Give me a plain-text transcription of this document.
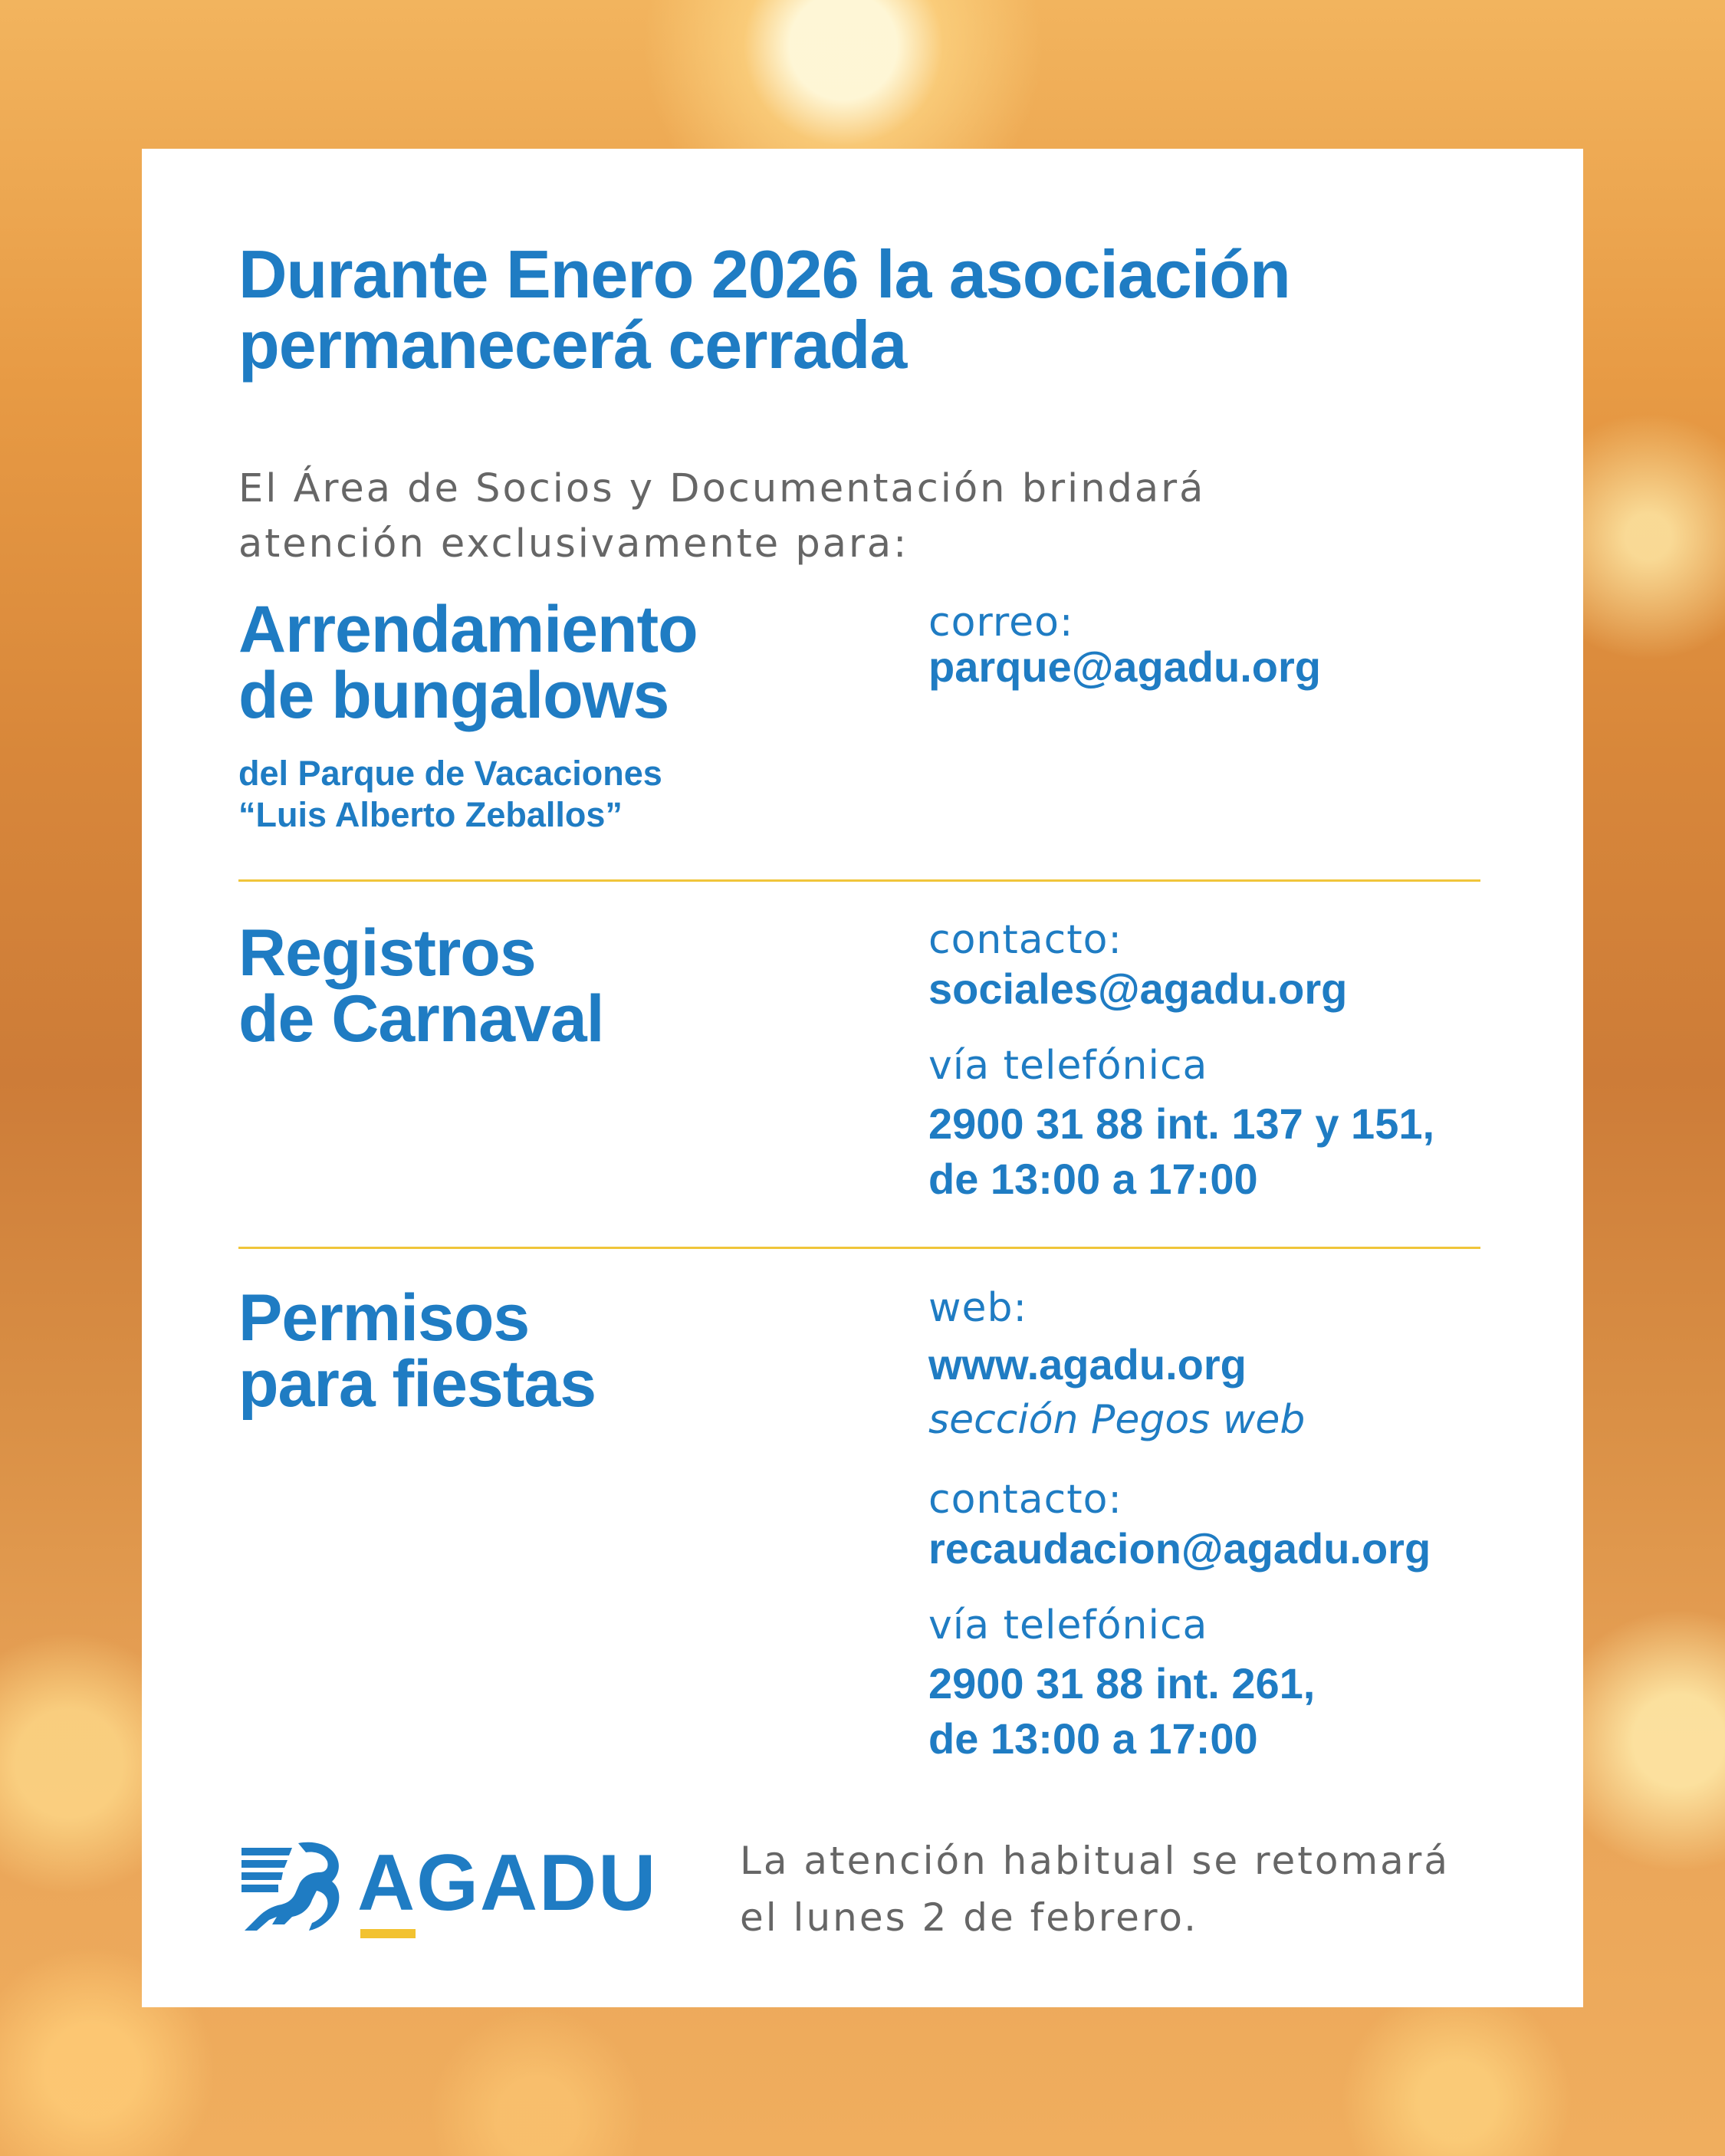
Durante Enero 2026 la asociación
permanecerá cerrada
El Área de Socios y Documentación brindará
atención exclusivamente para:
Arrendamiento
de bungalows
del Parque de Vacaciones
“Luis Alberto Zeballos”
correo:
parque@agadu.org
Registros
de Carnaval
contacto:
sociales@agadu.org
vía telefónica
2900 31 88 int. 137 y 151,
de 13:00 a 17:00
Permisos
para fiestas
web:
www.agadu.org
sección Pegos web
contacto:
recaudacion@agadu.org
vía telefónica
2900 31 88 int. 261,
de 13:00 a 17:00
AGADU La atención habitual se retomará
el lunes 2 de febrero.
